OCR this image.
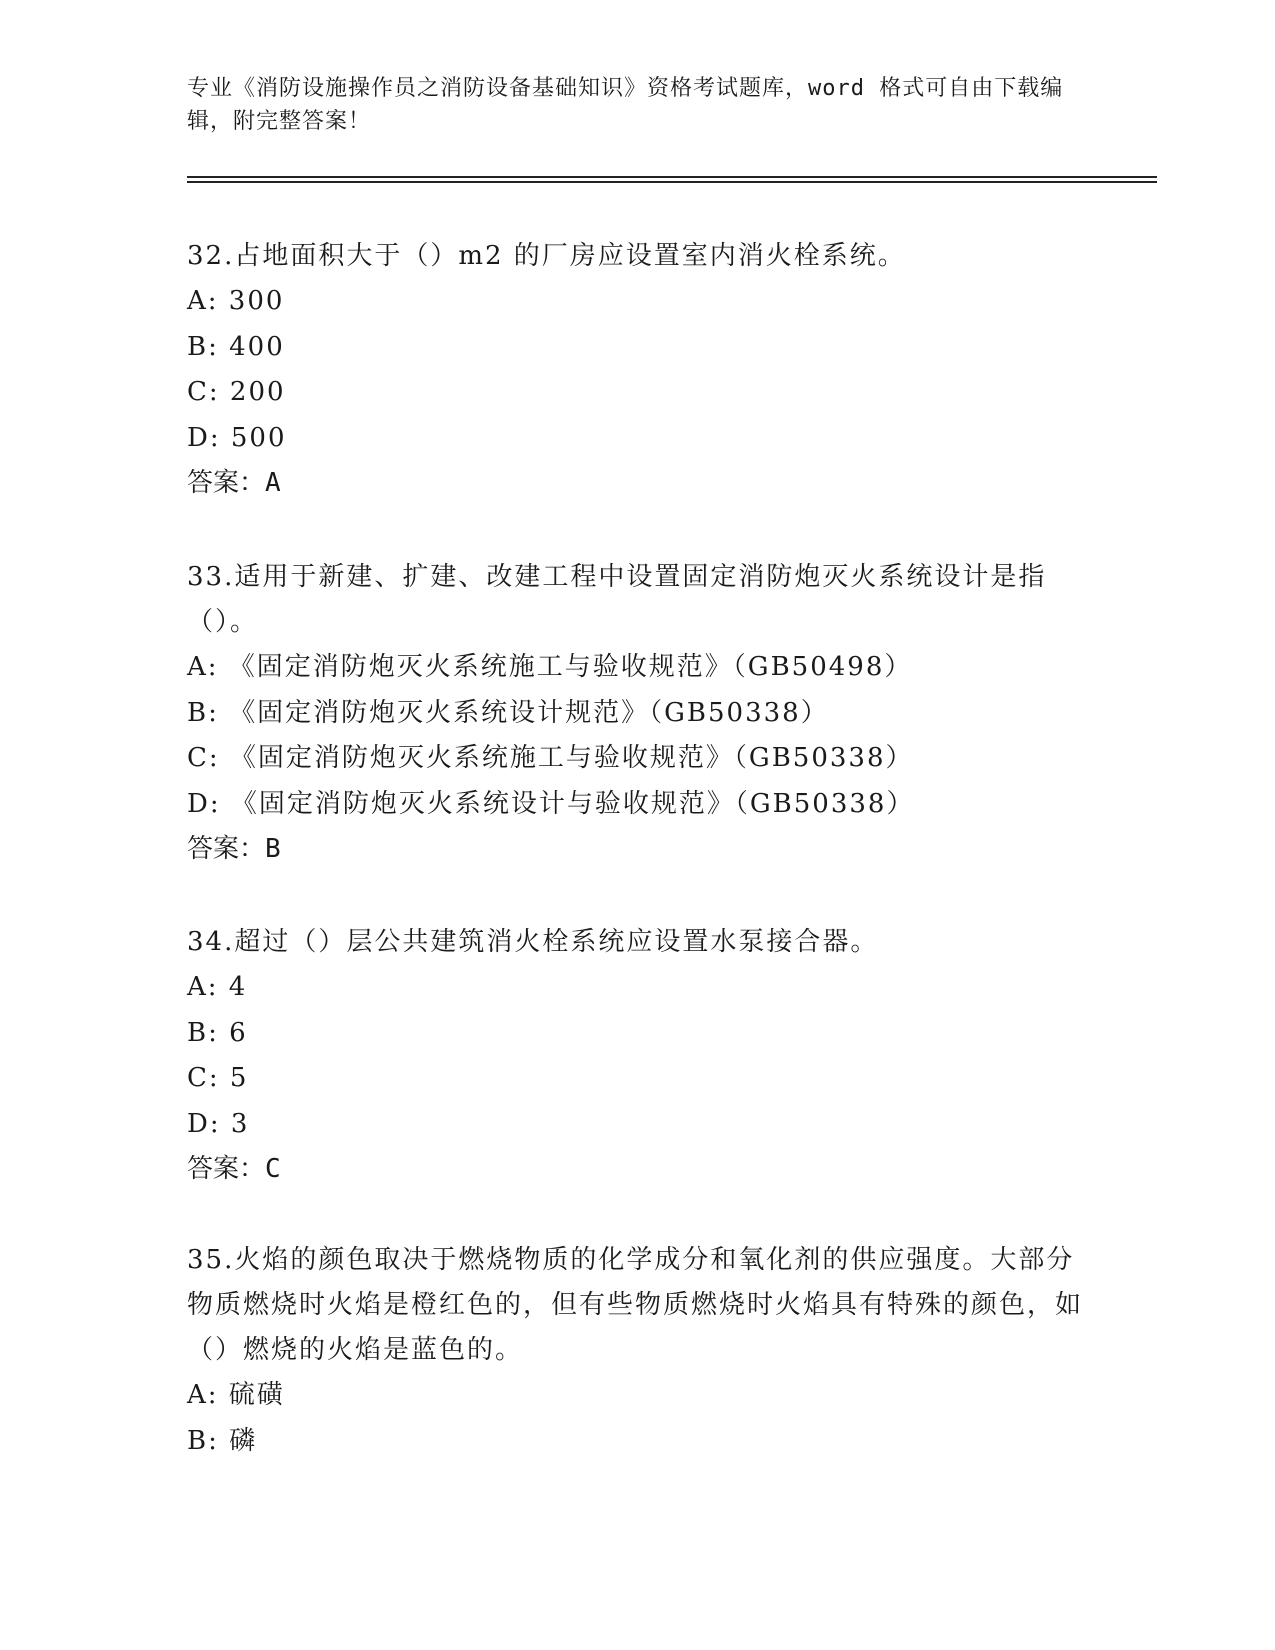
专业《消防设施操作员之消防设备基础知识》资格考试题库，word 格式可自由下载编辑，附完整答案！

32.占地面积大于（）m2 的厂房应设置室内消火栓系统。

A: 300

B: 400

C: 200

D: 500

答案：A

33.适用于新建、扩建、改建工程中设置固定消防炮灭火系统设计是指（）。

A: 《固定消防炮灭火系统施工与验收规范》（GB50498）

B: 《固定消防炮灭火系统设计规范》（GB50338）

C: 《固定消防炮灭火系统施工与验收规范》（GB50338）

D: 《固定消防炮灭火系统设计与验收规范》（GB50338）

答案：B

34.超过（）层公共建筑消火栓系统应设置水泵接合器。

A: 4

B: 6

C: 5

D: 3

答案：C

35.火焰的颜色取决于燃烧物质的化学成分和氧化剂的供应强度。大部分物质燃烧时火焰是橙红色的，但有些物质燃烧时火焰具有特殊的颜色，如（）燃烧的火焰是蓝色的。

A: 硫磺

B: 磷
